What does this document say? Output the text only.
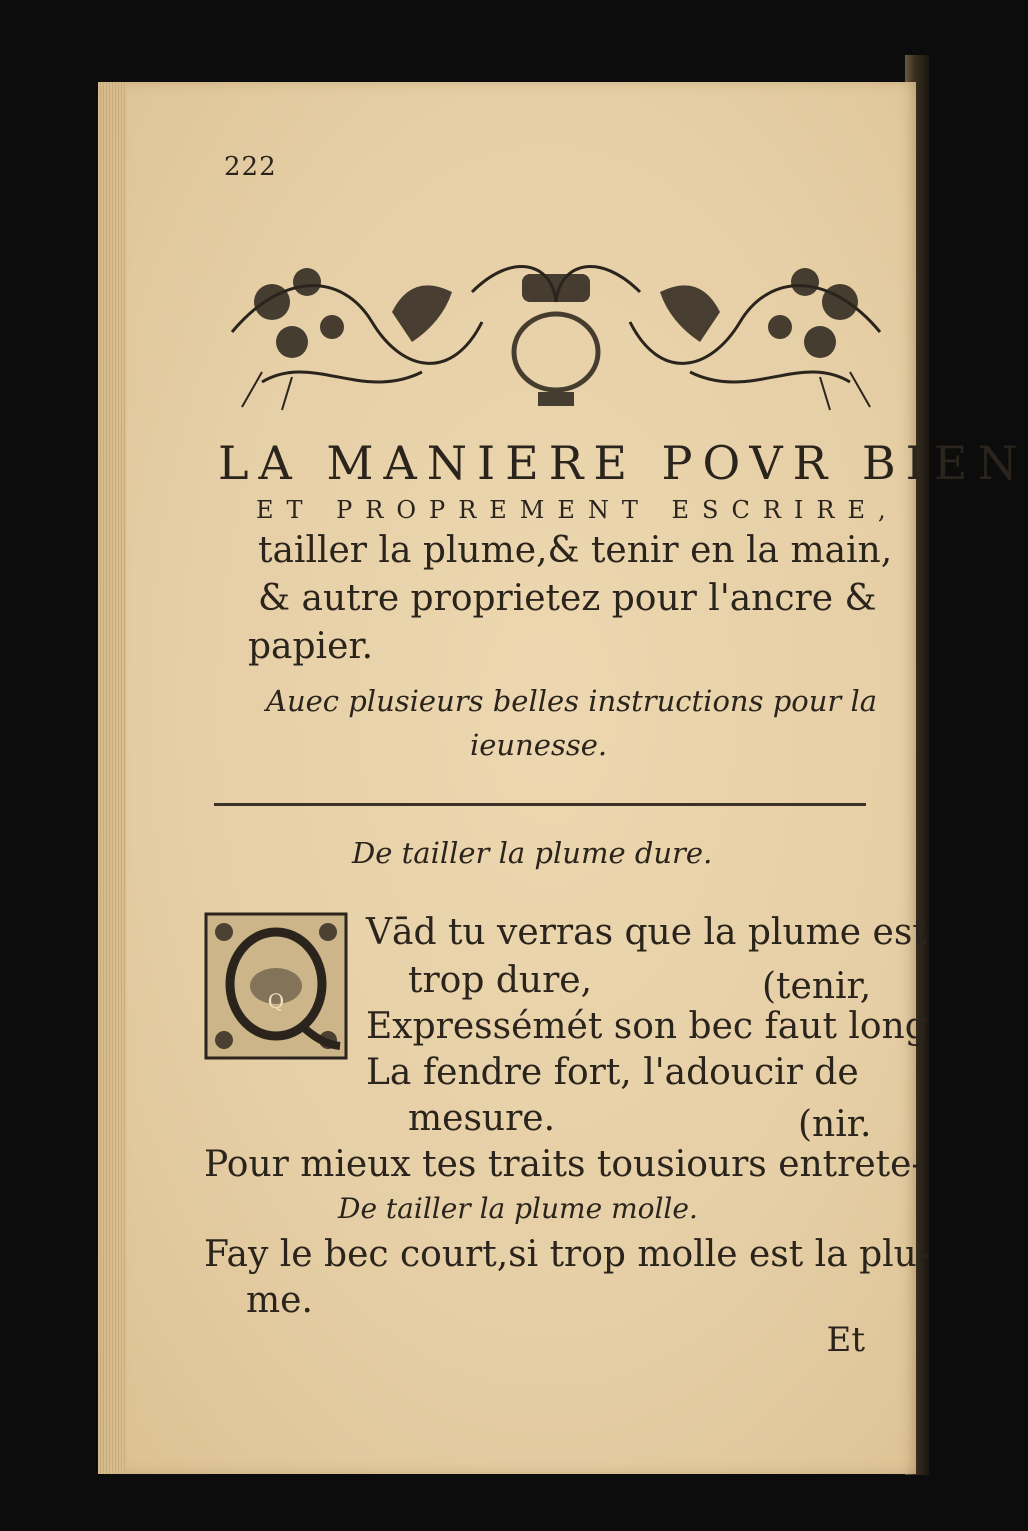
222
LA MANIERE POVR BIEN
ET PROPREMENT ESCRIRE,
tailler la plume,& tenir en la main,
& autre proprietez pour l'ancre &
papier.
Auec plusieurs belles instructions pour la
ieunesse.
De tailler la plume dure.
Q
Vād tu verras que la plume est
trop dure,	(tenir,
Expressémét son bec faut long
La fendre fort, l'adoucir de
mesure.	(nir.
Pour mieux tes traits tousiours entrete-
De tailler la plume molle.
Fay le bec court,si trop molle est la plu-
me.
Et
